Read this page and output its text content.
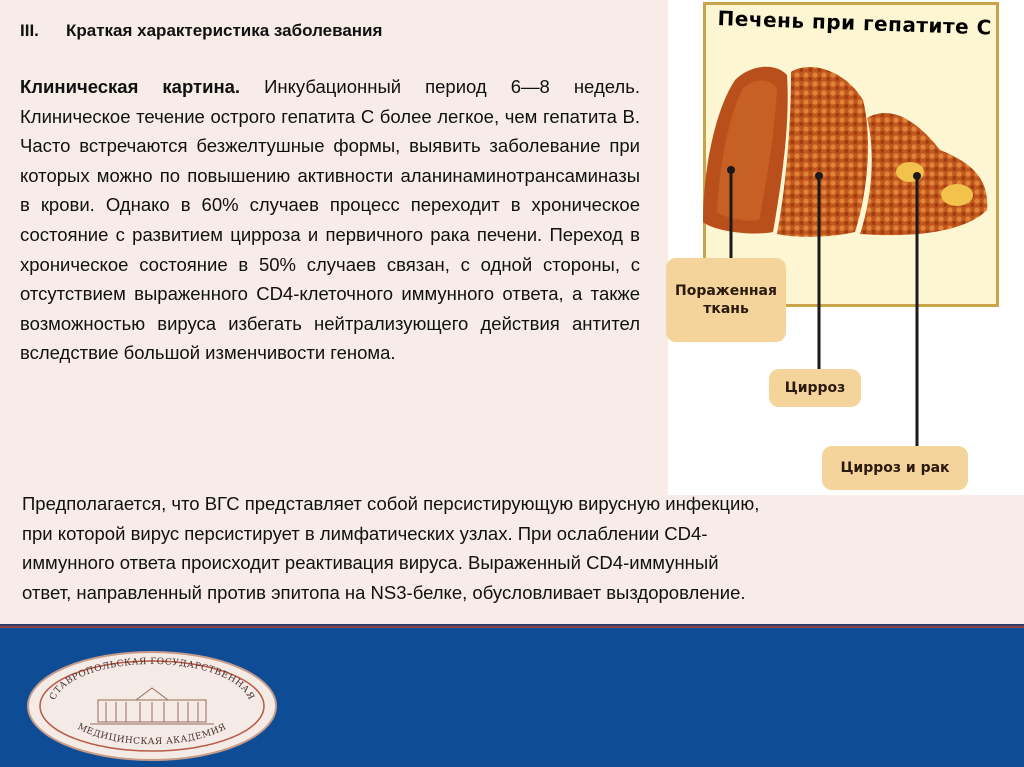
III. Краткая характеристика заболевания

Клиническая картина. Инкубационный период 6—8 недель. Клиническое течение острого гепатита С более легкое, чем гепатита В. Часто встречаются безжелтушные формы, выявить заболевание при которых можно по повышению активности аланинаминотрансаминазы в крови. Однако в 60% случаев процесс переходит в хроническое состояние с развитием цирроза и первичного рака печени. Переход в хроническое состояние в 50% случаев связан, с одной стороны, с отсутствием выраженного CD4-клеточного иммунного ответа, а также возможностью вируса избегать нейтрализующего действия антител вследствие большой изменчивости генома.

Предполагается, что ВГС представляет собой персистирующую вирусную инфекцию,
при которой вирус персистирует в лимфатических узлах. При ослаблении CD4-
иммунного ответа происходит реактивация вируса. Выраженный CD4-иммунный
ответ, направленный против эпитопа на NS3-белке, обусловливает выздоровление.
Печень при гепатите С
Пораженная ткань
Цирроз
Цирроз и рак
СТАВРОПОЛЬСКАЯ ГОСУДАРСТВЕННАЯ
МЕДИЦИНСКАЯ АКАДЕМИЯ
